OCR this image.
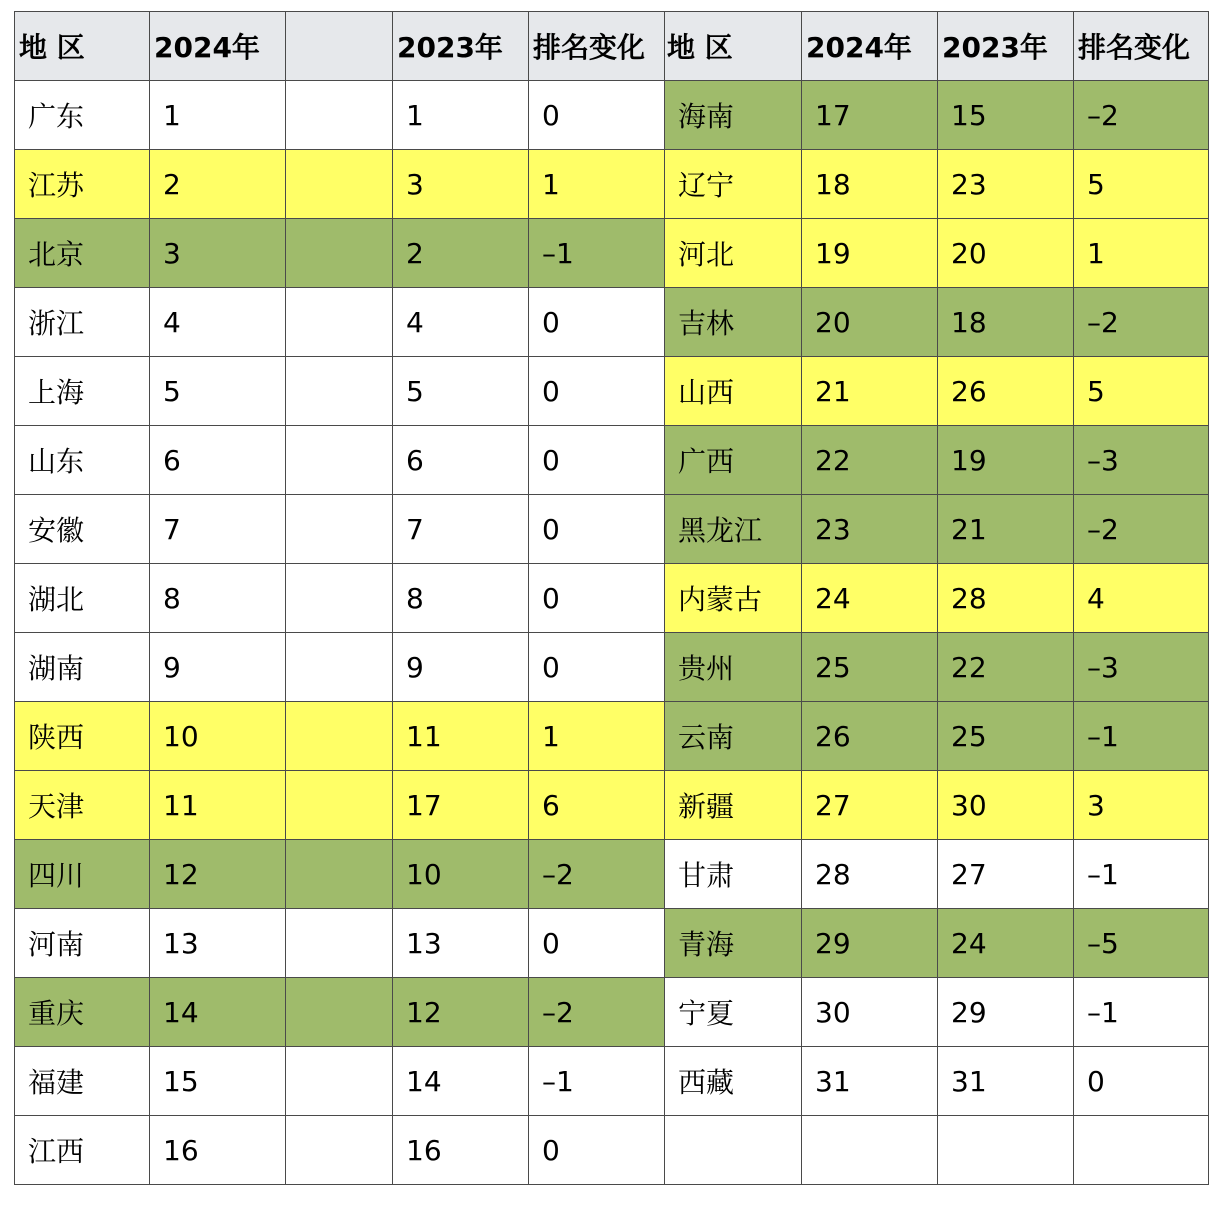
地 区	2024年		2023年	排名变化	地 区	2024年	2023年	排名变化
广东	1		1	0	海南	17	15	–2
江苏	2		3	1	辽宁	18	23	5
北京	3		2	–1	河北	19	20	1
浙江	4		4	0	吉林	20	18	–2
上海	5		5	0	山西	21	26	5
山东	6		6	0	广西	22	19	–3
安徽	7		7	0	黑龙江	23	21	–2
湖北	8		8	0	内蒙古	24	28	4
湖南	9		9	0	贵州	25	22	–3
陕西	10		11	1	云南	26	25	–1
天津	11		17	6	新疆	27	30	3
四川	12		10	–2	甘肃	28	27	–1
河南	13		13	0	青海	29	24	–5
重庆	14		12	–2	宁夏	30	29	–1
福建	15		14	–1	西藏	31	31	0
江西	16		16	0				
